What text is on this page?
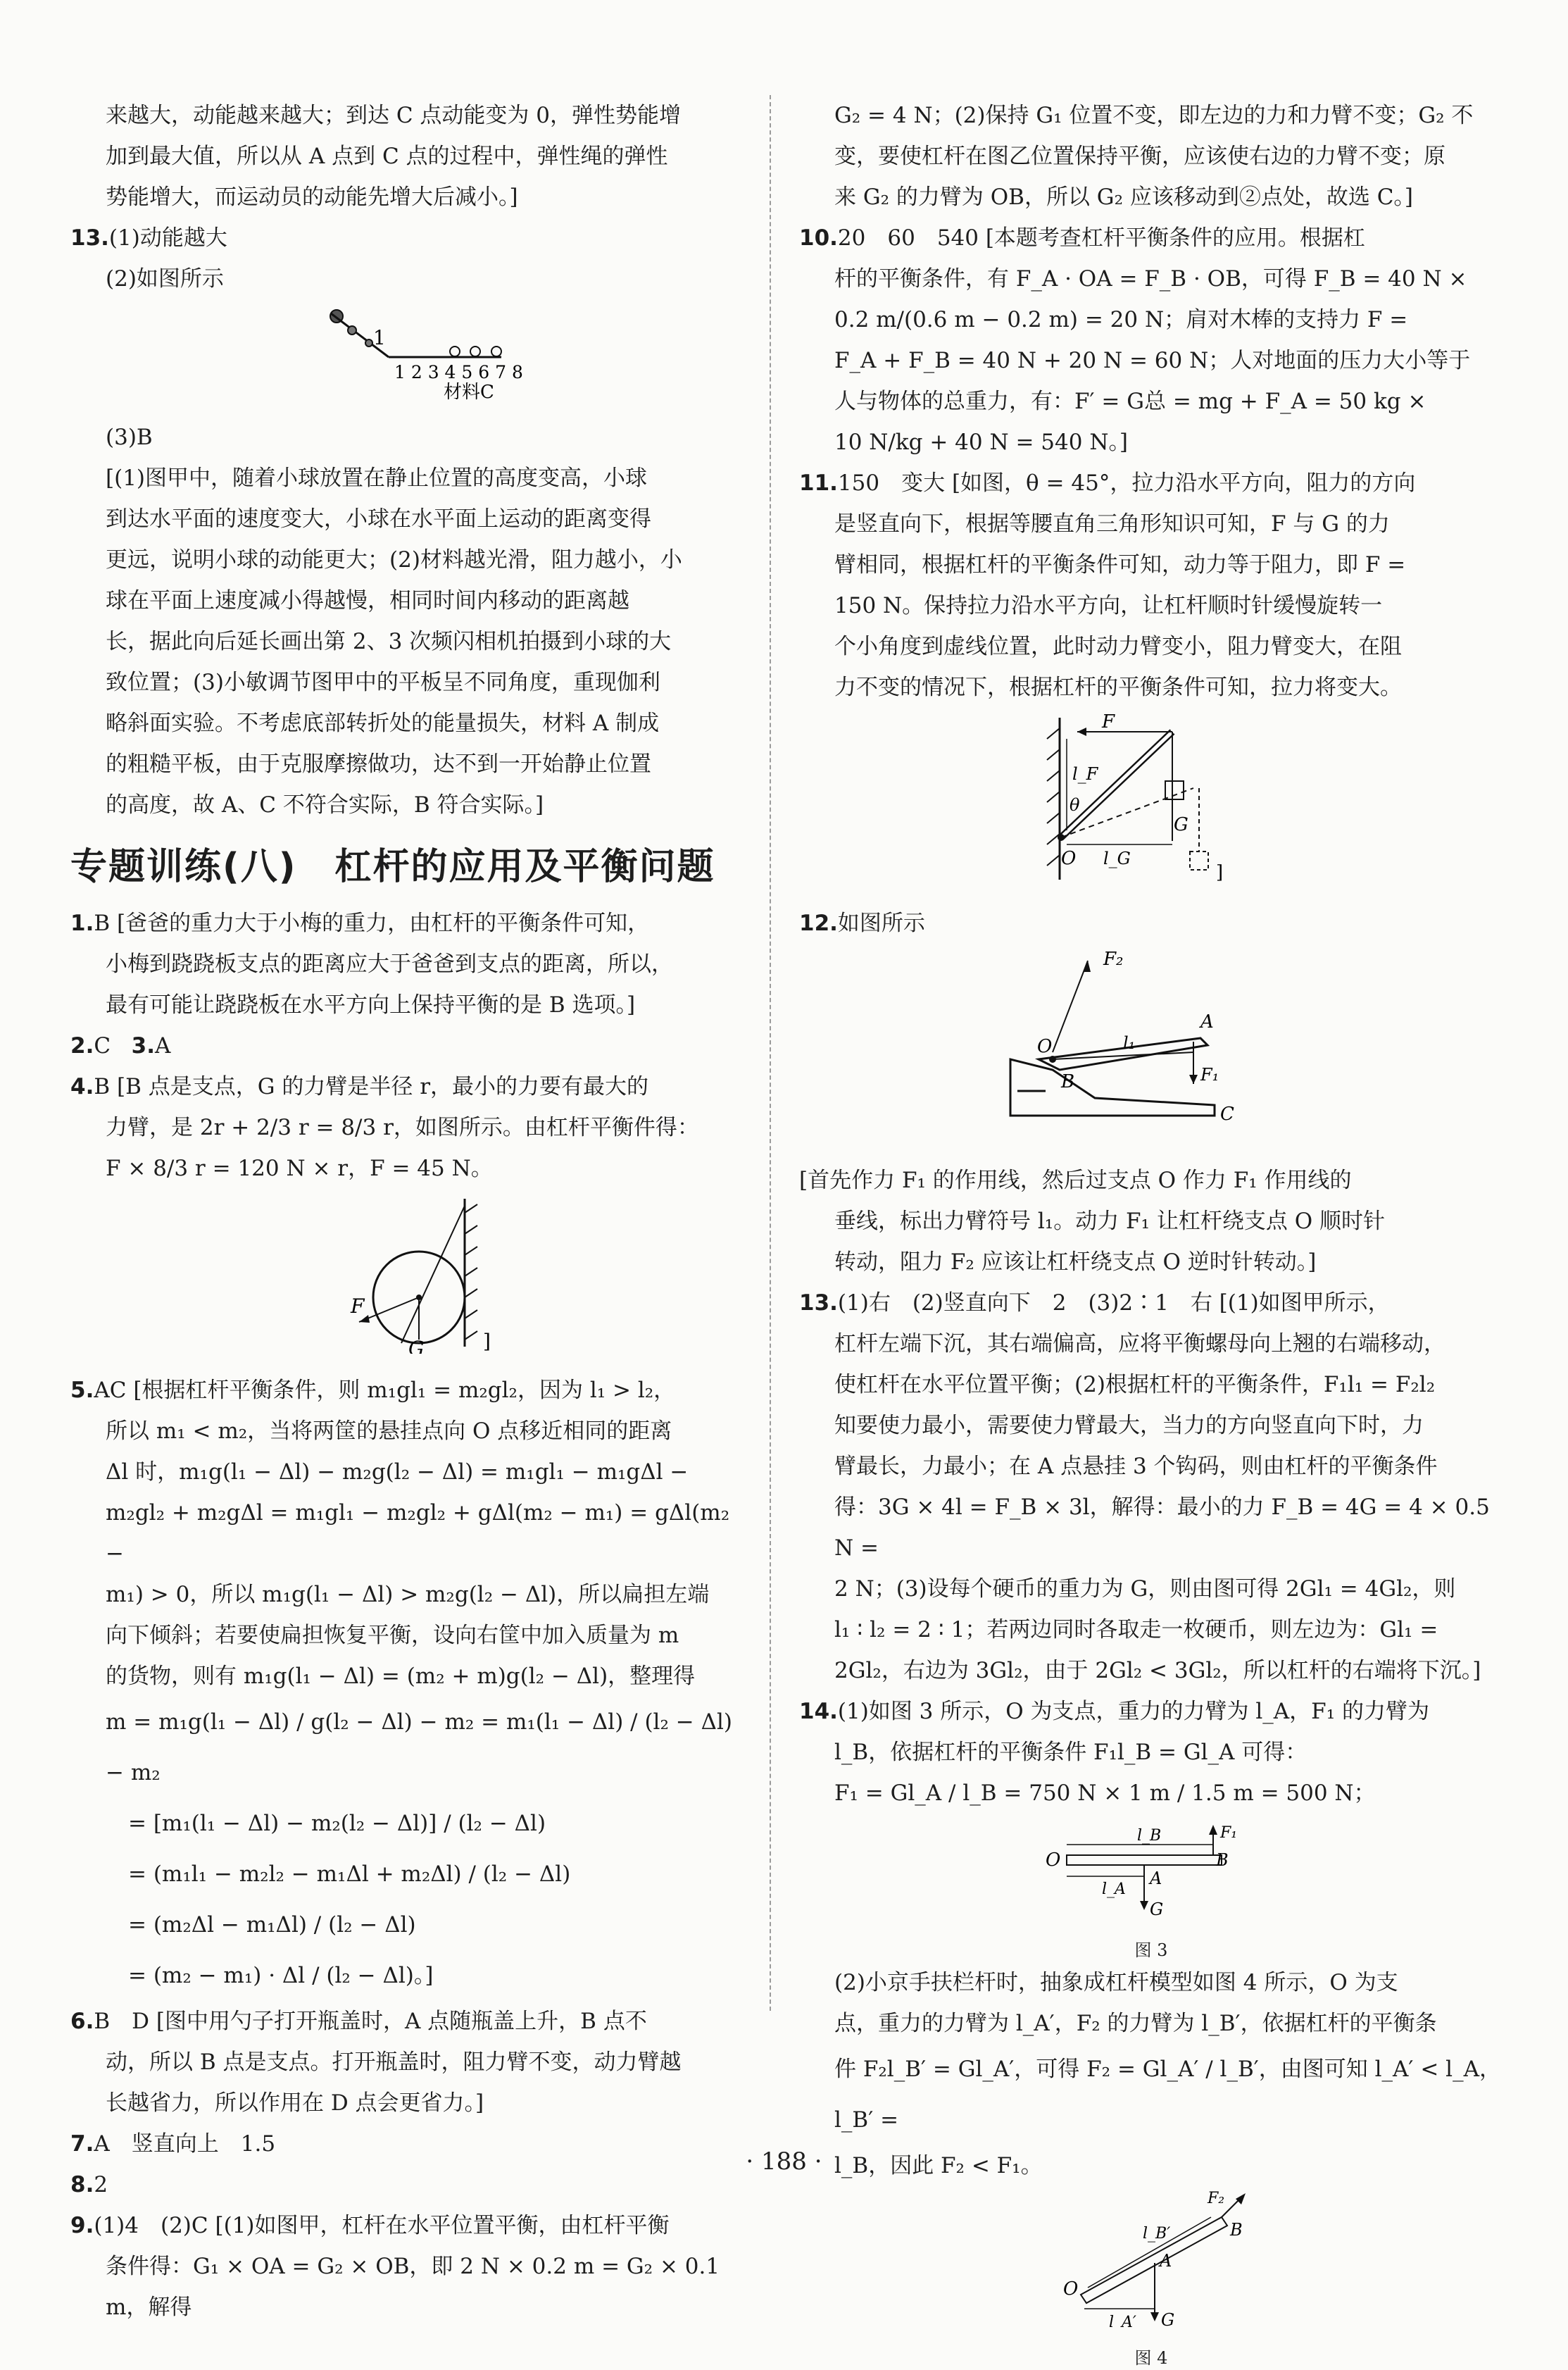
来越大，动能越来越大；到达 C 点动能变为 0，弹性势能增
加到最大值，所以从 A 点到 C 点的过程中，弹性绳的弹性
势能增大，而运动员的动能先增大后减小。]
13.(1)动能越大
(2)如图所示
1
1 2 3 4 5 6 7 8
材料C
(3)B
[(1)图甲中，随着小球放置在静止位置的高度变高，小球
到达水平面的速度变大，小球在水平面上运动的距离变得
更远，说明小球的动能更大；(2)材料越光滑，阻力越小，小
球在平面上速度减小得越慢，相同时间内移动的距离越
长，据此向后延长画出第 2、3 次频闪相机拍摄到小球的大
致位置；(3)小敏调节图甲中的平板呈不同角度，重现伽利
略斜面实验。不考虑底部转折处的能量损失，材料 A 制成
的粗糙平板，由于克服摩擦做功，达不到一开始静止位置
的高度，故 A、C 不符合实际，B 符合实际。]
专题训练(八)　杠杆的应用及平衡问题
1.B [爸爸的重力大于小梅的重力，由杠杆的平衡条件可知，
小梅到跷跷板支点的距离应大于爸爸到支点的距离，所以，
最有可能让跷跷板在水平方向上保持平衡的是 B 选项。]
2.C 3.A
4.B [B 点是支点，G 的力臂是半径 r，最小的力要有最大的
力臂，是 2r + 2/3 r = 8/3 r，如图所示。由杠杆平衡件得：
F × 8/3 r = 120 N × r，F = 45 N。
F
G	]
5.AC [根据杠杆平衡条件，则 m₁gl₁ = m₂gl₂，因为 l₁ > l₂，
所以 m₁ < m₂，当将两筐的悬挂点向 O 点移近相同的距离
Δl 时，m₁g(l₁ − Δl) − m₂g(l₂ − Δl) = m₁gl₁ − m₁gΔl −
m₂gl₂ + m₂gΔl = m₁gl₁ − m₂gl₂ + gΔl(m₂ − m₁) = gΔl(m₂ −
m₁) > 0，所以 m₁g(l₁ − Δl) > m₂g(l₂ − Δl)，所以扁担左端
向下倾斜；若要使扁担恢复平衡，设向右筐中加入质量为 m
的货物，则有 m₁g(l₁ − Δl) = (m₂ + m)g(l₂ − Δl)，整理得
m = m₁g(l₁ − Δl) / g(l₂ − Δl) − m₂ = m₁(l₁ − Δl) / (l₂ − Δl) − m₂
= [m₁(l₁ − Δl) − m₂(l₂ − Δl)] / (l₂ − Δl)
= (m₁l₁ − m₂l₂ − m₁Δl + m₂Δl) / (l₂ − Δl)
= (m₂Δl − m₁Δl) / (l₂ − Δl)
= (m₂ − m₁) · Δl / (l₂ − Δl)。]
6.B　D [图中用勺子打开瓶盖时，A 点随瓶盖上升，B 点不
动，所以 B 点是支点。打开瓶盖时，阻力臂不变，动力臂越
长越省力，所以作用在 D 点会更省力。]
7.A　竖直向上　1.5
8.2
9.(1)4　(2)C [(1)如图甲，杠杆在水平位置平衡，由杠杆平衡
条件得：G₁ × OA = G₂ × OB，即 2 N × 0.2 m = G₂ × 0.1 m，解得
G₂ = 4 N；(2)保持 G₁ 位置不变，即左边的力和力臂不变；G₂ 不
变，要使杠杆在图乙位置保持平衡，应该使右边的力臂不变；原
来 G₂ 的力臂为 OB，所以 G₂ 应该移动到②点处，故选 C。]
10.20　60　540 [本题考查杠杆平衡条件的应用。根据杠
杆的平衡条件，有 F_A · OA = F_B · OB，可得 F_B = 40 N ×
0.2 m/(0.6 m − 0.2 m) = 20 N；肩对木棒的支持力 F =
F_A + F_B = 40 N + 20 N = 60 N；人对地面的压力大小等于
人与物体的总重力，有：F′ = G总 = mg + F_A = 50 kg ×
10 N/kg + 40 N = 540 N。]
11.150　变大 [如图，θ = 45°，拉力沿水平方向，阻力的方向
是竖直向下，根据等腰直角三角形知识可知，F 与 G 的力
臂相同，根据杠杆的平衡条件可知，动力等于阻力，即 F =
150 N。保持拉力沿水平方向，让杠杆顺时针缓慢旋转一
个小角度到虚线位置，此时动力臂变小，阻力臂变大，在阻
力不变的情况下，根据杠杆的平衡条件可知，拉力将变大。
F
l_F
θ
O l_G
G
]
12.如图所示
F₂
A
O	l₁
F₁
B
C
[首先作力 F₁ 的作用线，然后过支点 O 作力 F₁ 作用线的
垂线，标出力臂符号 l₁。动力 F₁ 让杠杆绕支点 O 顺时针
转动，阻力 F₂ 应该让杠杆绕支点 O 逆时针转动。]
13.(1)右　(2)竖直向下　2　(3)2∶1　右 [(1)如图甲所示，
杠杆左端下沉，其右端偏高，应将平衡螺母向上翘的右端移动，
使杠杆在水平位置平衡；(2)根据杠杆的平衡条件，F₁l₁ = F₂l₂
知要使力最小，需要使力臂最大，当力的方向竖直向下时，力
臂最长，力最小；在 A 点悬挂 3 个钩码，则由杠杆的平衡条件
得：3G × 4l = F_B × 3l，解得：最小的力 F_B = 4G = 4 × 0.5 N =
2 N；(3)设每个硬币的重力为 G，则由图可得 2Gl₁ = 4Gl₂，则
l₁ ∶ l₂ = 2 ∶ 1；若两边同时各取走一枚硬币，则左边为：Gl₁ =
2Gl₂，右边为 3Gl₂，由于 2Gl₂ < 3Gl₂，所以杠杆的右端将下沉。]
14.(1)如图 3 所示，O 为支点，重力的力臂为 l_A，F₁ 的力臂为
l_B，依据杠杆的平衡条件 F₁l_B = Gl_A 可得：
F₁ = Gl_A / l_B = 750 N × 1 m / 1.5 m = 500 N；
O
l_B	F₁
B
A
l_A
G
图 3
(2)小京手扶栏杆时，抽象成杠杆模型如图 4 所示，O 为支
点，重力的力臂为 l_A′，F₂ 的力臂为 l_B′，依据杠杆的平衡条
件 F₂l_B′ = Gl_A′，可得 F₂ = Gl_A′ / l_B′，由图可知 l_A′ < l_A，l_B′ =
l_B，因此 F₂ < F₁。
F₂
l_B′	B
A
O
l_A′ G
图 4
· 188 ·
